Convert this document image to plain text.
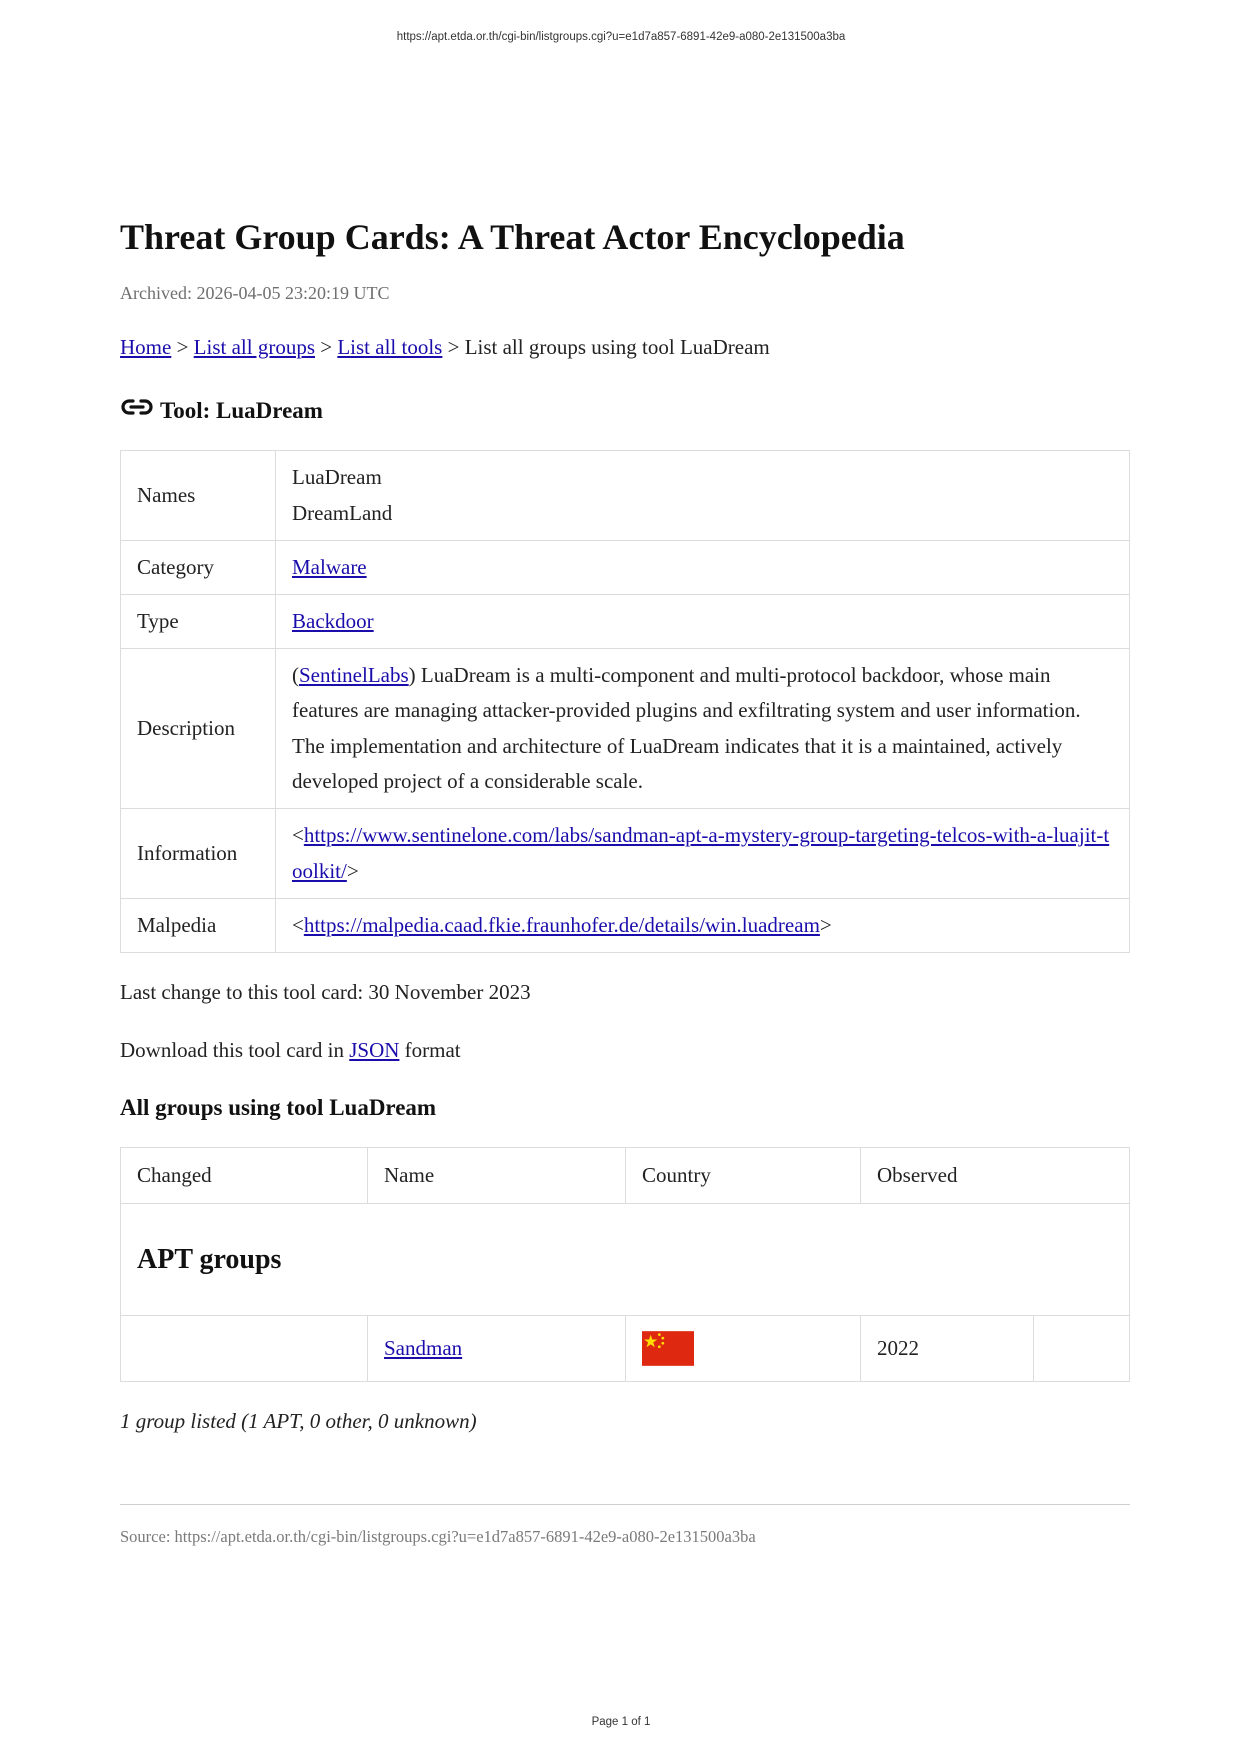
https://apt.etda.or.th/cgi-bin/listgroups.cgi?u=e1d7a857-6891-42e9-a080-2e131500a3ba
Threat Group Cards: A Threat Actor Encyclopedia
Archived: 2026-04-05 23:20:19 UTC
Home > List all groups > List all tools > List all groups using tool LuaDream
Tool: LuaDream
Names	LuaDream
DreamLand

Category	Malware
Type	Backdoor
Description	(SentinelLabs) LuaDream is a multi-component and multi-protocol backdoor, whose main features are managing attacker-provided plugins and exfiltrating system and user information. The implementation and architecture of LuaDream indicates that it is a maintained, actively developed project of a considerable scale.
Information	<https://www.sentinelone.com/labs/sandman-apt-a-mystery-group-targeting-telcos-with-a-luajit-toolkit/>
Malpedia	<https://malpedia.caad.fkie.fraunhofer.de/details/win.luadream>
Last change to this tool card: 30 November 2023
Download this tool card in JSON format
All groups using tool LuaDream
Changed	Name	Country	Observed	
APT groups				
	Sandman		2022	
1 group listed (1 APT, 0 other, 0 unknown)
Source: https://apt.etda.or.th/cgi-bin/listgroups.cgi?u=e1d7a857-6891-42e9-a080-2e131500a3ba
Page 1 of 1
